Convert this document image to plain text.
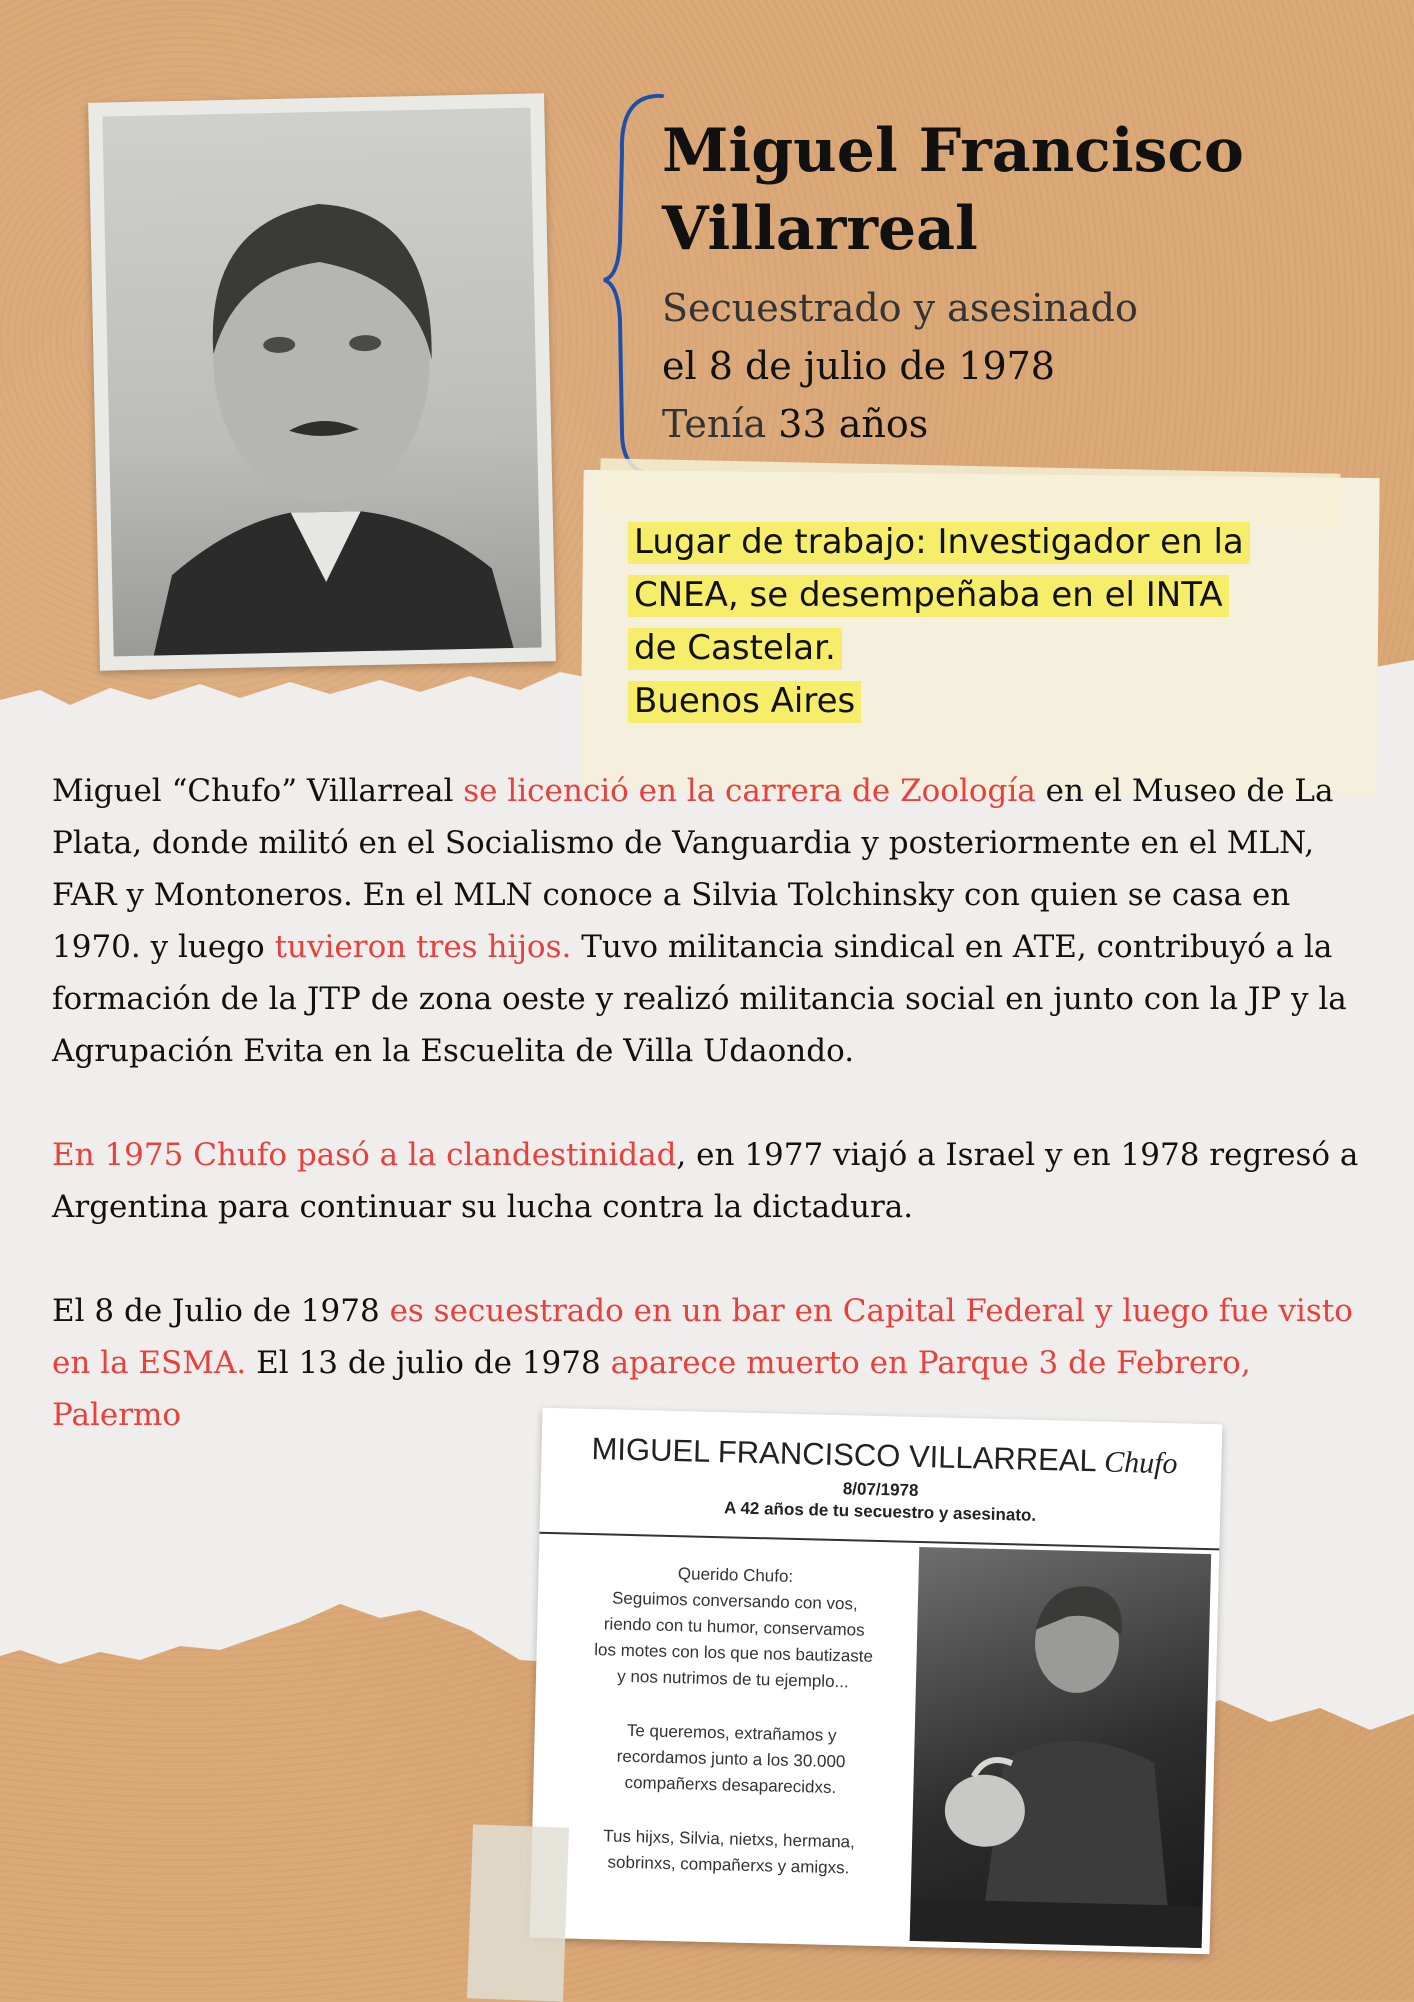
Miguel Francisco
Villarreal
Secuestrado y asesinado
el 8 de julio de 1978
Tenía 33 años
Lugar de trabajo: Investigador en la
CNEA, se desempeñaba en el INTA
de Castelar.
Buenos Aires
Miguel “Chufo” Villarreal se licenció en la carrera de Zoología en el Museo de La Plata, donde militó en el Socialismo de Vanguardia y posteriormente en el MLN, FAR y Montoneros. En el MLN conoce a Silvia Tolchinsky con quien se casa en 1970. y luego tuvieron tres hijos. Tuvo militancia sindical en ATE, contribuyó a la formación de la JTP de zona oeste y realizó militancia social en junto con la JP y la Agrupación Evita en la Escuelita de Villa Udaondo.
En 1975 Chufo pasó a la clandestinidad, en 1977 viajó a Israel y en 1978 regresó a Argentina para continuar su lucha contra la dictadura.
El 8 de Julio de 1978 es secuestrado en un bar en Capital Federal y luego fue visto en la ESMA. El 13 de julio de 1978 aparece muerto en Parque 3 de Febrero, Palermo
MIGUEL FRANCISCO VILLARREAL Chufo
8/07/1978
A 42 años de tu secuestro y asesinato.

Querido Chufo:
Seguimos conversando con vos,
riendo con tu humor, conservamos
los motes con los que nos bautizaste
y nos nutrimos de tu ejemplo...

Te queremos, extrañamos y
recordamos junto a los 30.000
compañerxs desaparecidxs.

Tus hijxs, Silvia, nietxs, hermana,
sobrinxs, compañerxs y amigxs.
